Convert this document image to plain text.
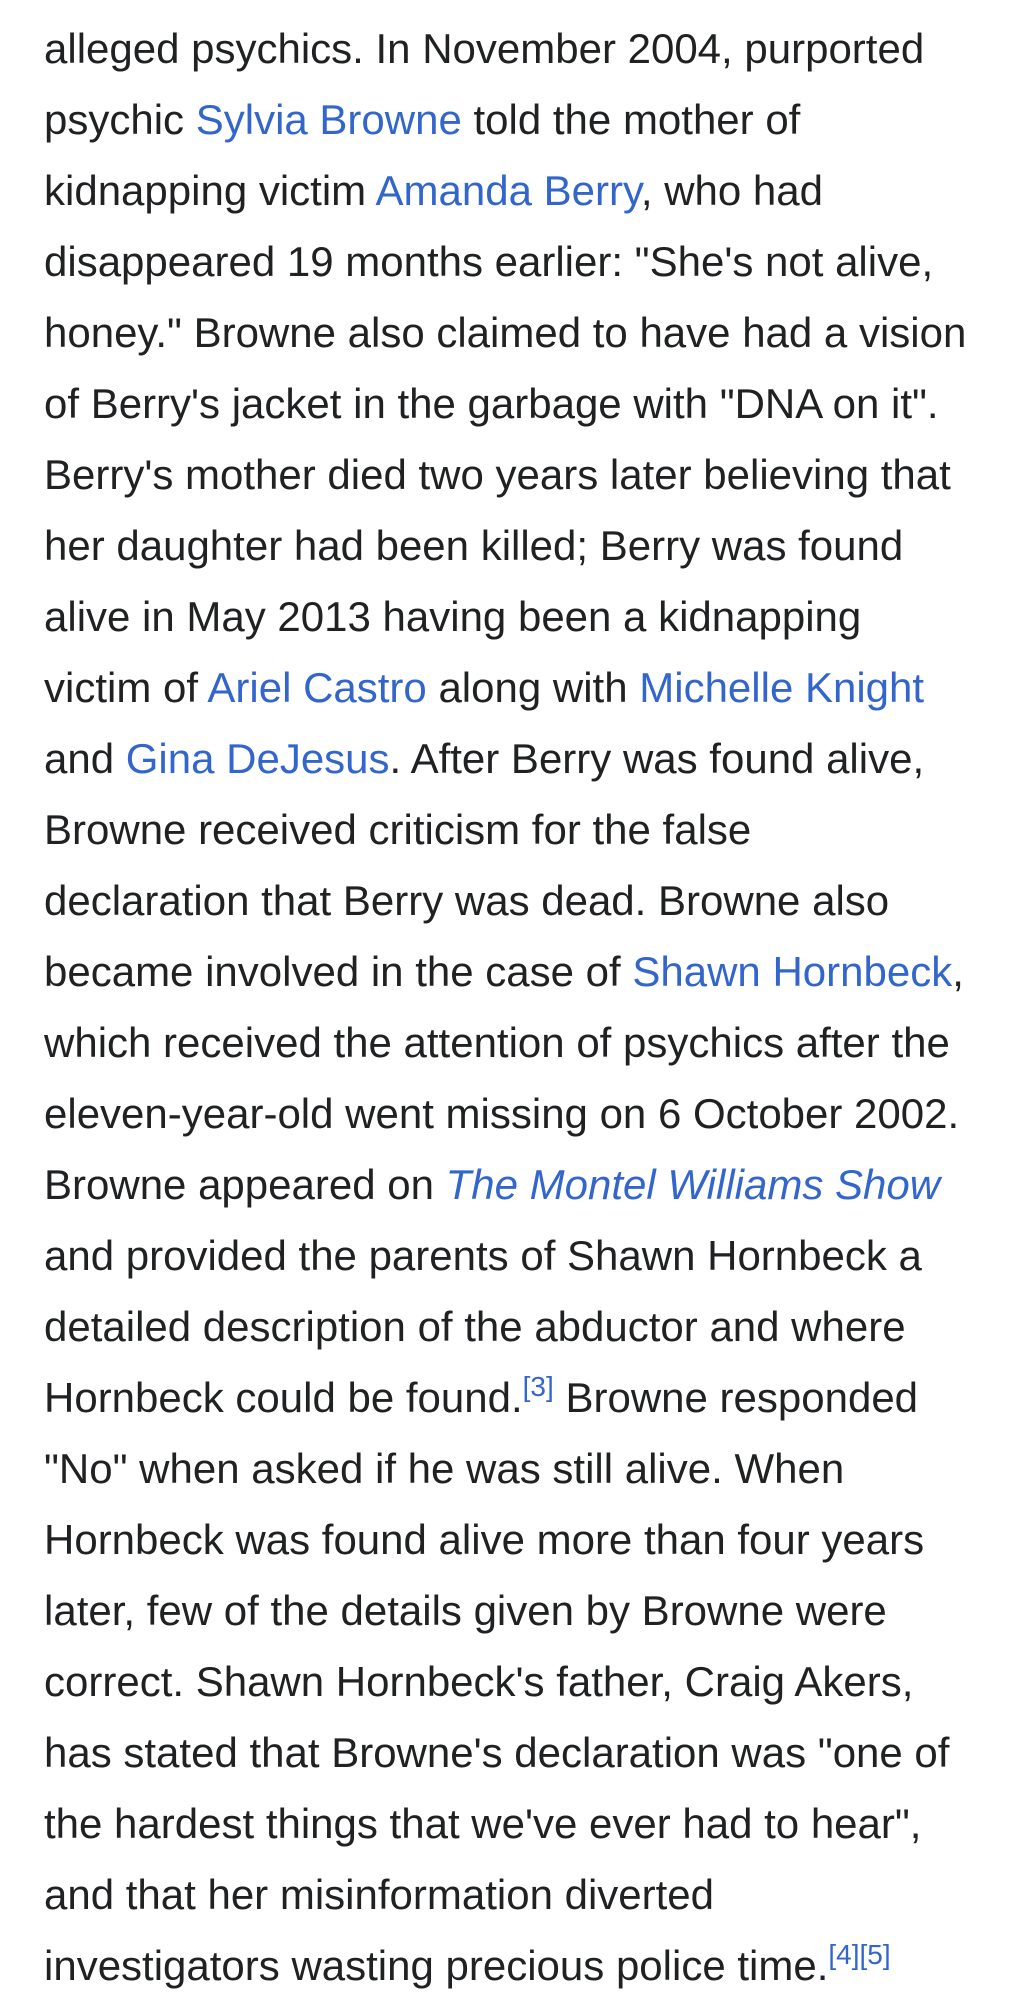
alleged psychics. In November 2004, purported
psychic Sylvia Browne told the mother of
kidnapping victim Amanda Berry, who had
disappeared 19 months earlier: "She's not alive,
honey." Browne also claimed to have had a vision
of Berry's jacket in the garbage with "DNA on it".
Berry's mother died two years later believing that
her daughter had been killed; Berry was found
alive in May 2013 having been a kidnapping
victim of Ariel Castro along with Michelle Knight
and Gina DeJesus. After Berry was found alive,
Browne received criticism for the false
declaration that Berry was dead. Browne also
became involved in the case of Shawn Hornbeck,
which received the attention of psychics after the
eleven-year-old went missing on 6 October 2002.
Browne appeared on The Montel Williams Show
and provided the parents of Shawn Hornbeck a
detailed description of the abductor and where
Hornbeck could be found.[3] Browne responded
"No" when asked if he was still alive. When
Hornbeck was found alive more than four years
later, few of the details given by Browne were
correct. Shawn Hornbeck's father, Craig Akers,
has stated that Browne's declaration was "one of
the hardest things that we've ever had to hear",
and that her misinformation diverted
investigators wasting precious police time.[4][5]
